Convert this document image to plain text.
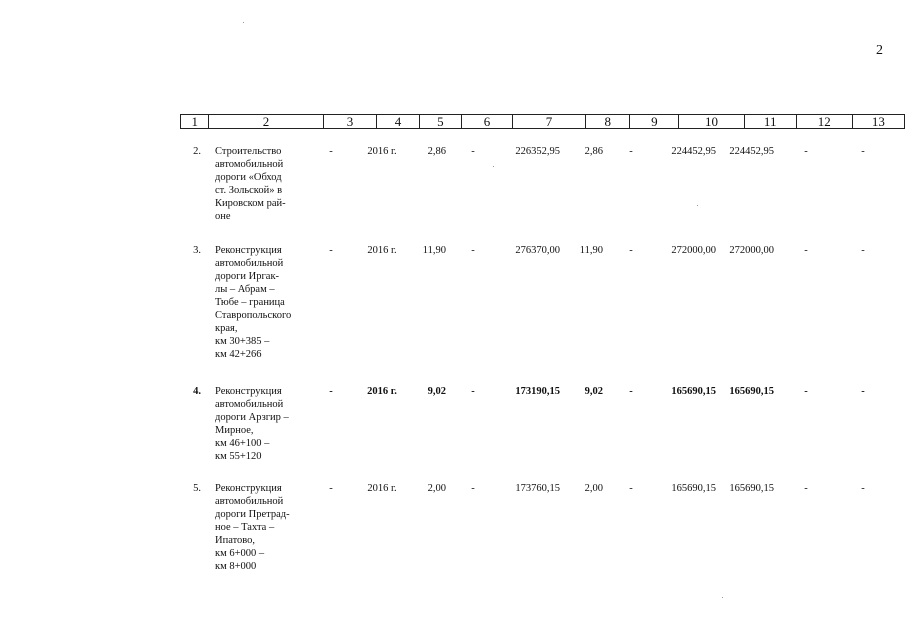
2
1	2	3	4	5	6	7	8	9	10	11	12	13
2. Строительство
автомобильной
дороги «Обход
ст. Зольской» в
Кировском рай-
оне
-	2016 г.	2,86	-	226352,95	2,86	-	224452,95	224452,95	-	-
3. Реконструкция
автомобильной
дороги Иргак-
лы – Абрам –
Тюбе – граница
Ставропольского
края,
км 30+385 –
км 42+266
-	2016 г.	11,90	-	276370,00	11,90	-	272000,00	272000,00	-	-
4. Реконструкция
автомобильной
дороги Арзгир –
Мирное,
км 46+100 –
км 55+120
-	2016 г.	9,02	-	173190,15	9,02	-	165690,15	165690,15	-	-
5. Реконструкция
автомобильной
дороги Претрад-
ное – Тахта –
Ипатово,
км 6+000 –
км 8+000
-	2016 г.	2,00	-	173760,15	2,00	-	165690,15	165690,15	-	-
